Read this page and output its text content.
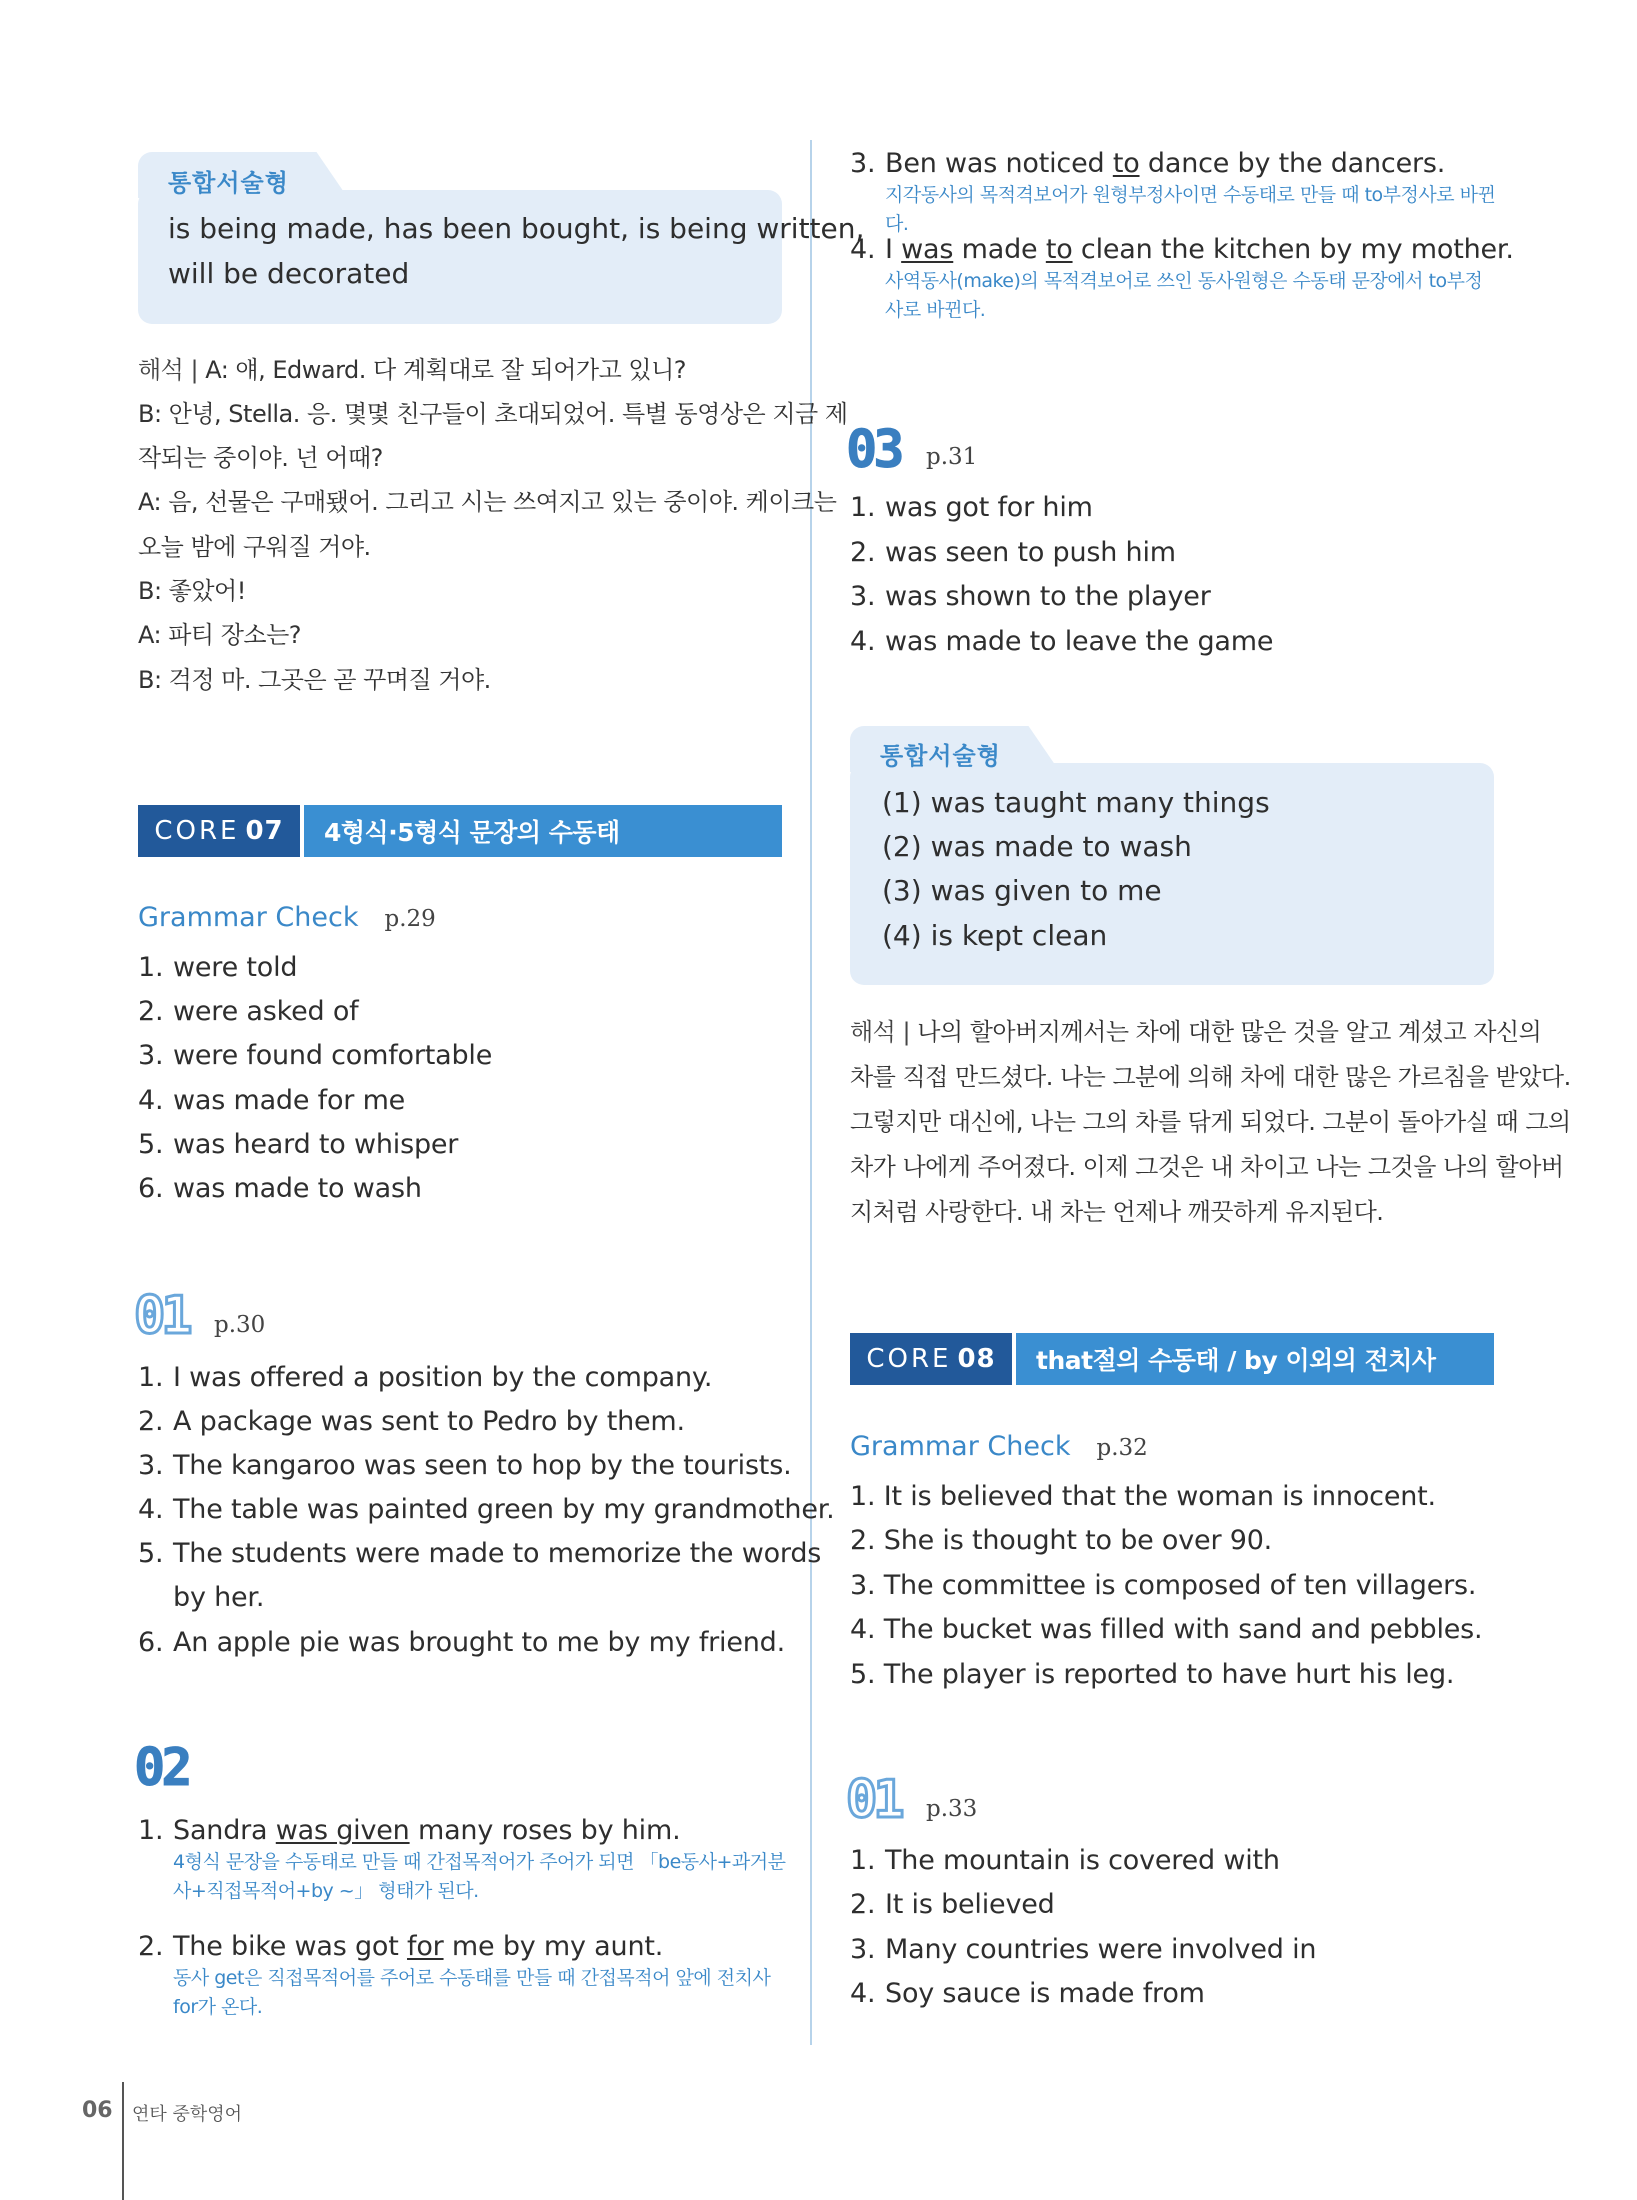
통합서술형
is being made, has been bought, is being written,
will be decorated
해석 | A: 얘, Edward. 다 계획대로 잘 되어가고 있니?
B: 안녕, Stella. 응. 몇몇 친구들이 초대되었어. 특별 동영상은 지금 제
작되는 중이야. 넌 어때?
A: 음, 선물은 구매됐어. 그리고 시는 쓰여지고 있는 중이야. 케이크는
오늘 밤에 구워질 거야.
B: 좋았어!
A: 파티 장소는?
B: 걱정 마. 그곳은 곧 꾸며질 거야.
CORE 07	4형식·5형식 문장의 수동태
Grammar Check p.29
1. were told
2. were asked of
3. were found comfortable
4. was made for me
5. was heard to whisper
6. was made to wash
01 p.30
1. I was offered a position by the company.
2. A package was sent to Pedro by them.
3. The kangaroo was seen to hop by the tourists.
4. The table was painted green by my grandmother.
5. The students were made to memorize the words
by her.
6. An apple pie was brought to me by my friend.
02
1. Sandra was given many roses by him.
4형식 문장을 수동태로 만들 때 간접목적어가 주어가 되면 「be동사+과거분
사+직접목적어+by ~」 형태가 된다.
2. The bike was got for me by my aunt.
동사 get은 직접목적어를 주어로 수동태를 만들 때 간접목적어 앞에 전치사
for가 온다.
3. Ben was noticed to dance by the dancers.
지각동사의 목적격보어가 원형부정사이면 수동태로 만들 때 to부정사로 바뀐다.
4. I was made to clean the kitchen by my mother.
사역동사(make)의 목적격보어로 쓰인 동사원형은 수동태 문장에서 to부정
사로 바뀐다.
03 p.31
1. was got for him
2. was seen to push him
3. was shown to the player
4. was made to leave the game
통합서술형
(1) was taught many things
(2) was made to wash
(3) was given to me
(4) is kept clean
해석 | 나의 할아버지께서는 차에 대한 많은 것을 알고 계셨고 자신의
차를 직접 만드셨다. 나는 그분에 의해 차에 대한 많은 가르침을 받았다.
그렇지만 대신에, 나는 그의 차를 닦게 되었다. 그분이 돌아가실 때 그의
차가 나에게 주어졌다. 이제 그것은 내 차이고 나는 그것을 나의 할아버
지처럼 사랑한다. 내 차는 언제나 깨끗하게 유지된다.
CORE 08	that절의 수동태 / by 이외의 전치사
Grammar Check p.32
1. It is believed that the woman is innocent.
2. She is thought to be over 90.
3. The committee is composed of ten villagers.
4. The bucket was filled with sand and pebbles.
5. The player is reported to have hurt his leg.
01 p.33
1. The mountain is covered with
2. It is believed
3. Many countries were involved in
4. Soy sauce is made from
06 연타 중학영어
